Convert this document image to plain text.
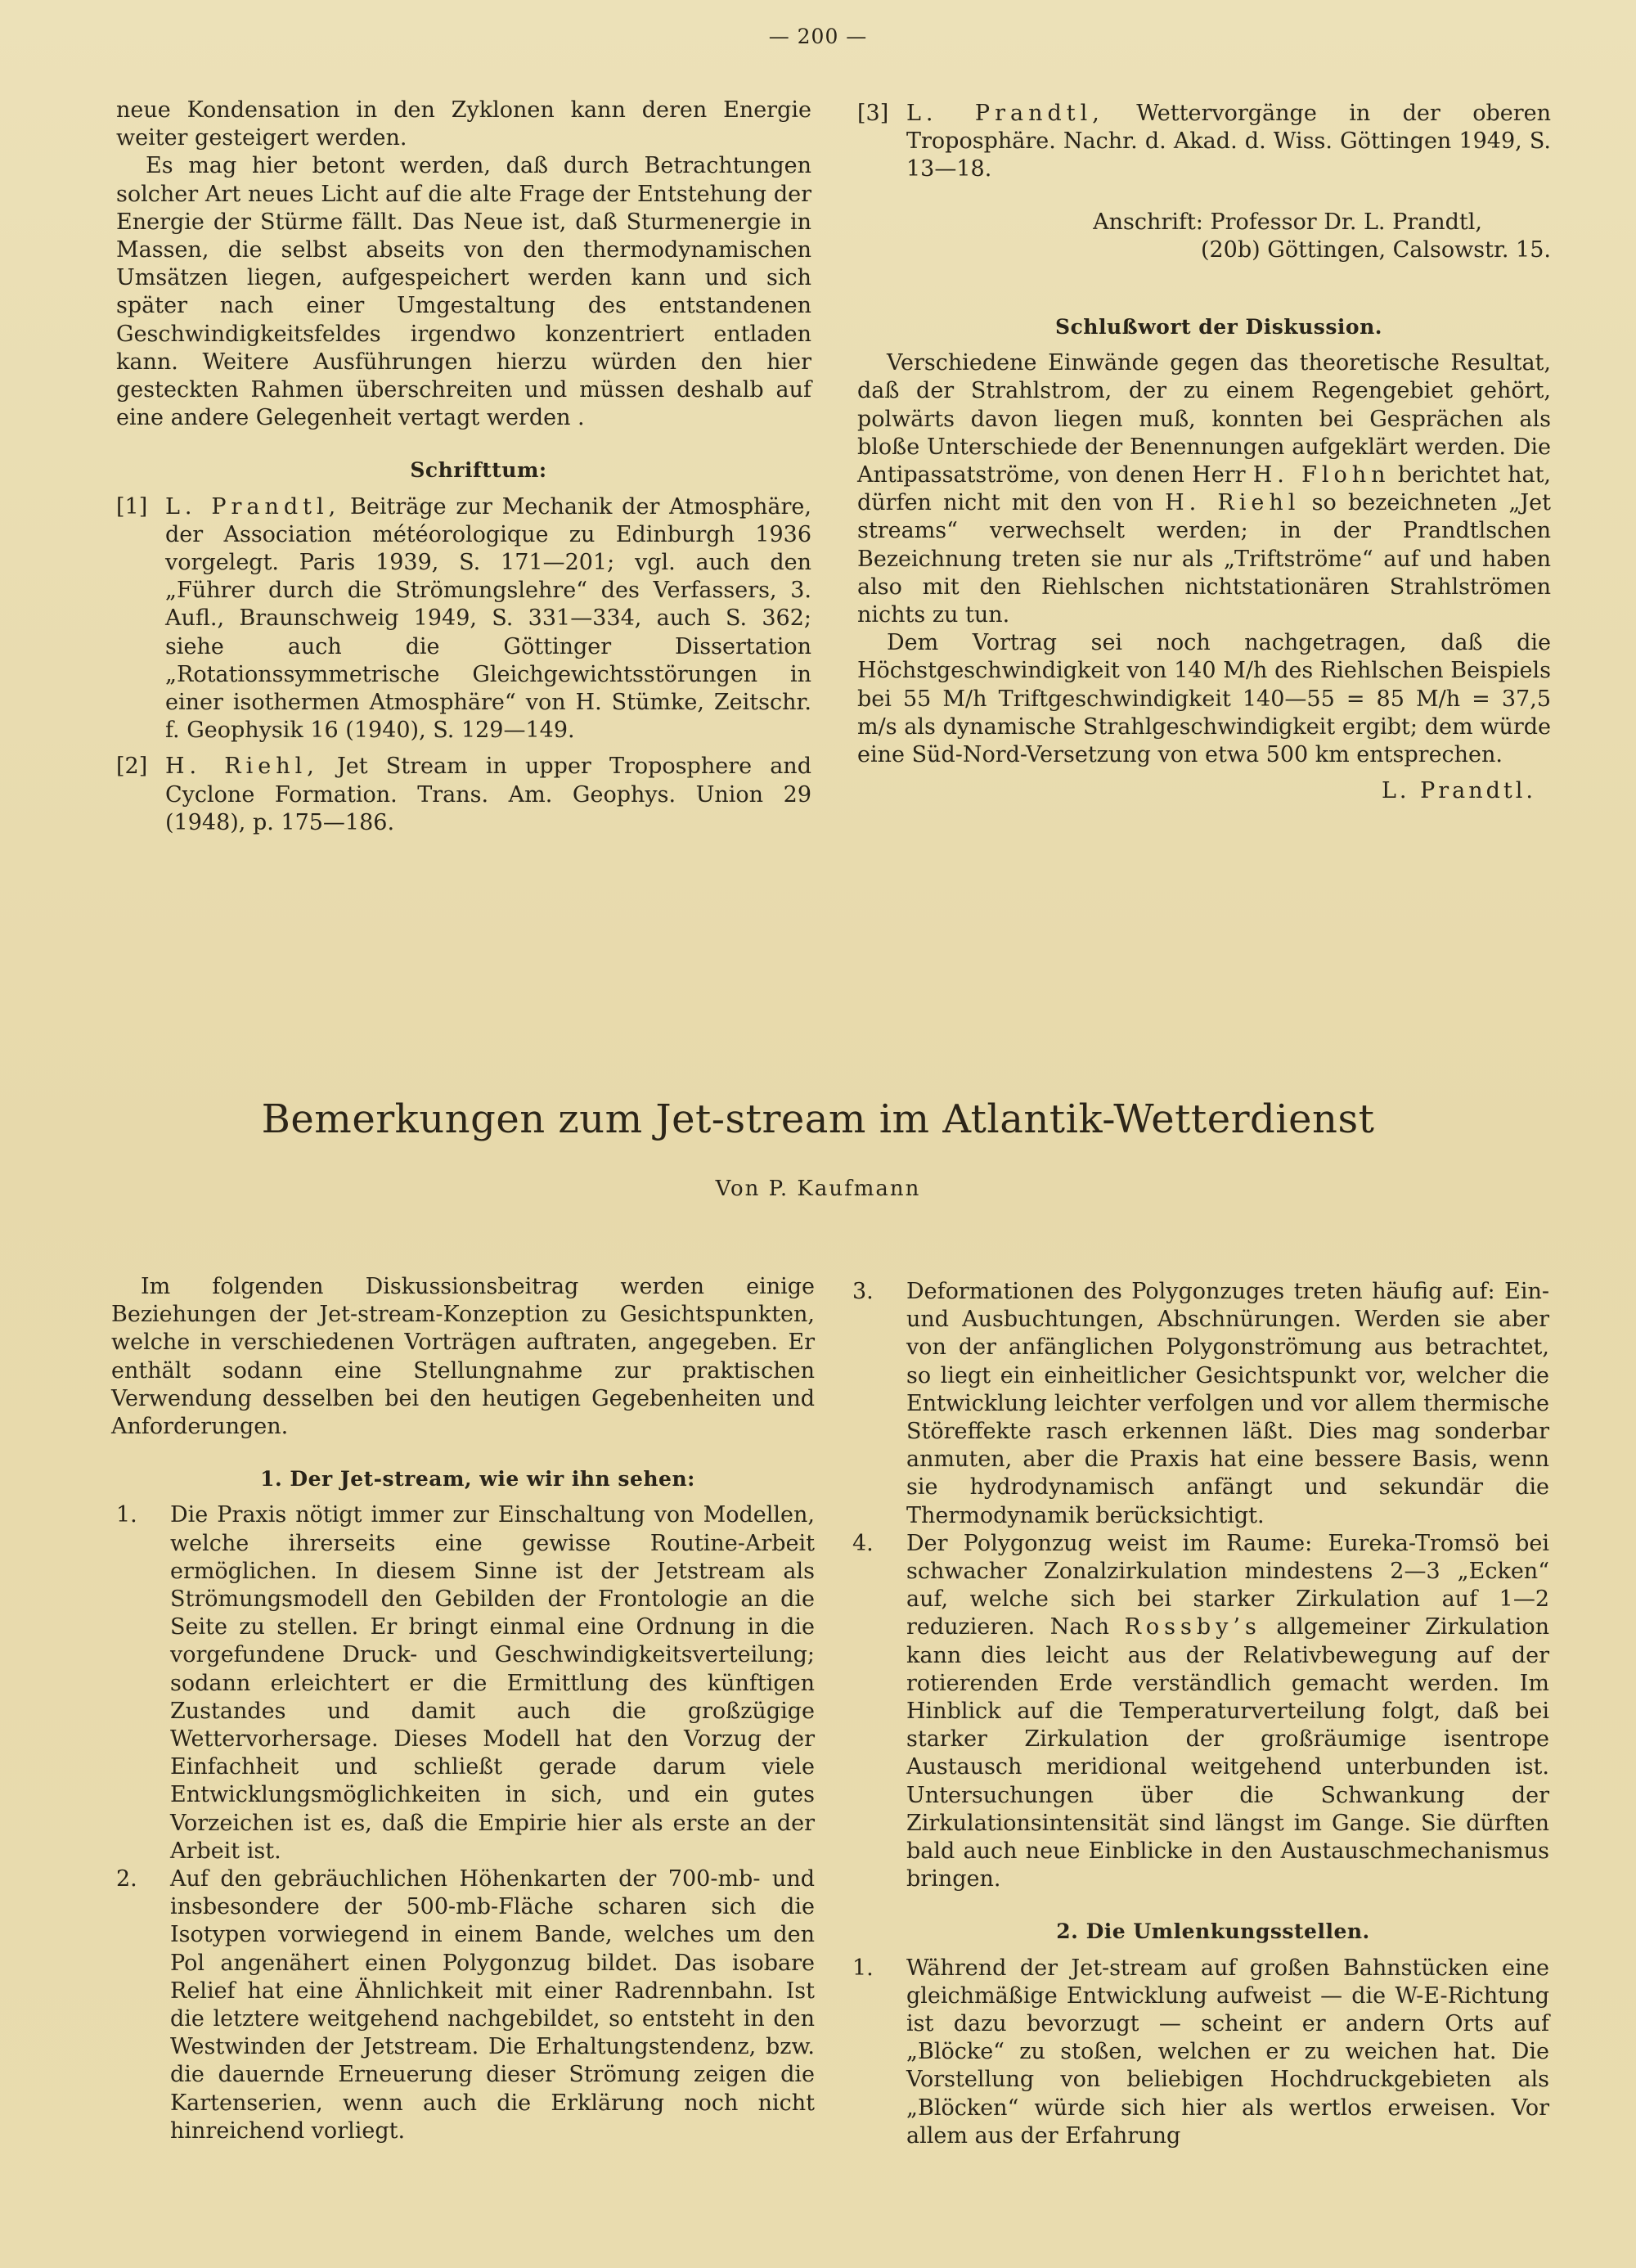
— 200 —

neue Kondensation in den Zyklonen kann deren Energie weiter gesteigert werden.

Es mag hier betont werden, daß durch Betrachtungen solcher Art neues Licht auf die alte Frage der Entstehung der Energie der Stürme fällt. Das Neue ist, daß Sturmenergie in Massen, die selbst abseits von den thermodynamischen Umsätzen liegen, aufgespeichert werden kann und sich später nach einer Umgestaltung des entstandenen Geschwindigkeitsfeldes irgendwo konzentriert entladen kann. Weitere Ausführungen hierzu würden den hier gesteckten Rahmen überschreiten und müssen deshalb auf eine andere Gelegenheit vertagt werden .

Schrifttum:

[1] L. Prandtl, Beiträge zur Mechanik der Atmosphäre, der Association météorologique zu Edinburgh 1936 vorgelegt. Paris 1939, S. 171—201; vgl. auch den „Führer durch die Strömungslehre“ des Verfassers, 3. Aufl., Braunschweig 1949, S. 331—334, auch S. 362; siehe auch die Göttinger Dissertation „Rotationssymmetrische Gleichgewichtsstörungen in einer isothermen Atmosphäre“ von H. Stümke, Zeitschr. f. Geophysik 16 (1940), S. 129—149.
[2] H. Riehl, Jet Stream in upper Troposphere and Cyclone Formation. Trans. Am. Geophys. Union 29 (1948), p. 175—186.
[3] L. Prandtl, Wettervorgänge in der oberen Troposphäre. Nachr. d. Akad. d. Wiss. Göttingen 1949, S. 13—18.

Anschrift: Professor Dr. L. Prandtl,

(20b) Göttingen, Calsowstr. 15.

Schlußwort der Diskussion.

Verschiedene Einwände gegen das theoretische Resultat, daß der Strahlstrom, der zu einem Regengebiet gehört, polwärts davon liegen muß, konnten bei Gesprächen als bloße Unterschiede der Benennungen aufgeklärt werden. Die Antipassatströme, von denen Herr H. Flohn berichtet hat, dürfen nicht mit den von H. Riehl so bezeichneten „Jet streams“ verwechselt werden; in der Prandtlschen Bezeichnung treten sie nur als „Triftströme“ auf und haben also mit den Riehlschen nichtstationären Strahlströmen nichts zu tun.

Dem Vortrag sei noch nachgetragen, daß die Höchstgeschwindigkeit von 140 M/h des Riehlschen Beispiels bei 55 M/h Triftgeschwindigkeit 140—55 = 85 M/h = 37,5 m/s als dynamische Strahlgeschwindigkeit ergibt; dem würde eine Süd-Nord-Versetzung von etwa 500 km entsprechen.

L. Prandtl.

Bemerkungen zum Jet-stream im Atlantik-Wetterdienst
Von P. Kaufmann

Im folgenden Diskussionsbeitrag werden einige Beziehungen der Jet-stream-Konzeption zu Gesichtspunkten, welche in verschiedenen Vorträgen auftraten, angegeben. Er enthält sodann eine Stellungnahme zur praktischen Verwendung desselben bei den heutigen Gegebenheiten und Anforderungen.

1. Der Jet-stream, wie wir ihn sehen:

1.	Die Praxis nötigt immer zur Einschaltung von Modellen, welche ihrerseits eine gewisse Routine-Arbeit ermöglichen. In diesem Sinne ist der Jetstream als Strömungsmodell den Gebilden der Frontologie an die Seite zu stellen. Er bringt einmal eine Ordnung in die vorgefundene Druck- und Geschwindigkeitsverteilung; sodann erleichtert er die Ermittlung des künftigen Zustandes und damit auch die großzügige Wettervorhersage. Dieses Modell hat den Vorzug der Einfachheit und schließt gerade darum viele Entwicklungsmöglichkeiten in sich, und ein gutes Vorzeichen ist es, daß die Empirie hier als erste an der Arbeit ist.
2.	Auf den gebräuchlichen Höhenkarten der 700-mb- und insbesondere der 500-mb-Fläche scharen sich die Isotypen vorwiegend in einem Bande, welches um den Pol angenähert einen Polygonzug bildet. Das isobare Relief hat eine Ähnlichkeit mit einer Radrennbahn. Ist die letztere weitgehend nachgebildet, so entsteht in den Westwinden der Jetstream. Die Erhaltungstendenz, bzw. die dauernde Erneuerung dieser Strömung zeigen die Kartenserien, wenn auch die Erklärung noch nicht hinreichend vorliegt.
3.	Deformationen des Polygonzuges treten häufig auf: Ein- und Ausbuchtungen, Abschnürungen. Werden sie aber von der anfänglichen Polygonströmung aus betrachtet, so liegt ein einheitlicher Gesichtspunkt vor, welcher die Entwicklung leichter verfolgen und vor allem thermische Störeffekte rasch erkennen läßt. Dies mag sonderbar anmuten, aber die Praxis hat eine bessere Basis, wenn sie hydrodynamisch anfängt und sekundär die Thermodynamik berücksichtigt.
4.	Der Polygonzug weist im Raume: Eureka-Tromsö bei schwacher Zonalzirkulation mindestens 2—3 „Ecken“ auf, welche sich bei starker Zirkulation auf 1—2 reduzieren. Nach Rossby’s allgemeiner Zirkulation kann dies leicht aus der Relativbewegung auf der rotierenden Erde verständlich gemacht werden. Im Hinblick auf die Temperaturverteilung folgt, daß bei starker Zirkulation der großräumige isentrope Austausch meridional weitgehend unterbunden ist. Untersuchungen über die Schwankung der Zirkulationsintensität sind längst im Gange. Sie dürften bald auch neue Einblicke in den Austauschmechanismus bringen.

2. Die Umlenkungsstellen.

1.	Während der Jet-stream auf großen Bahnstücken eine gleichmäßige Entwicklung aufweist — die W-E-Richtung ist dazu bevorzugt — scheint er andern Orts auf „Blöcke“ zu stoßen, welchen er zu weichen hat. Die Vorstellung von beliebigen Hochdruckgebieten als „Blöcken“ würde sich hier als wertlos erweisen. Vor allem aus der Erfahrung
